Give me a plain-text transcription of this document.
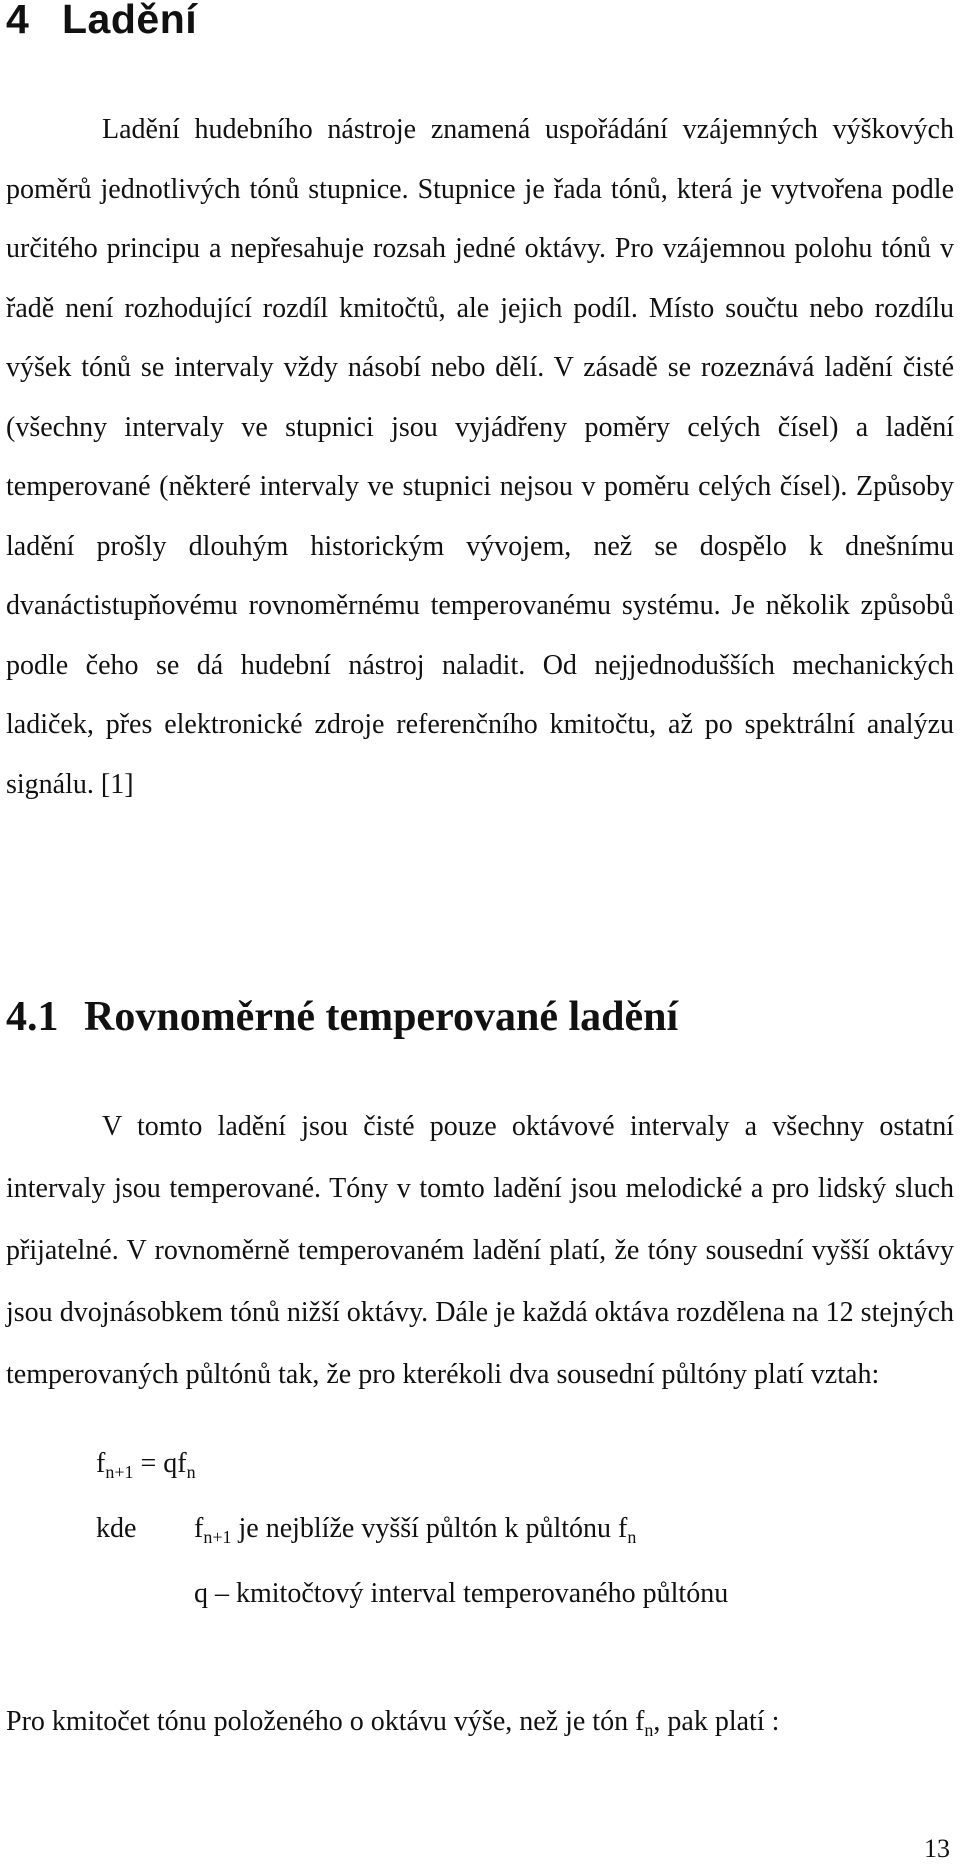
4 Ladění

Ladění hudebního nástroje znamená uspořádání vzájemných výškových poměrů jednotlivých tónů stupnice. Stupnice je řada tónů, která je vytvořena podle určitého principu a nepřesahuje rozsah jedné oktávy. Pro vzájemnou polohu tónů v řadě není rozhodující rozdíl kmitočtů, ale jejich podíl. Místo součtu nebo rozdílu výšek tónů se intervaly vždy násobí nebo dělí. V zásadě se rozeznává ladění čisté (všechny intervaly ve stupnici jsou vyjádřeny poměry celých čísel) a ladění temperované (některé intervaly ve stupnici nejsou v poměru celých čísel). Způsoby ladění prošly dlouhým historickým vývojem, než se dospělo k dnešnímu dvanáctistupňovému rovnoměrnému temperovanému systému. Je několik způsobů podle čeho se dá hudební nástroj naladit. Od nejjednodušších mechanických ladiček, přes elektronické zdroje referenčního kmitočtu, až po spektrální analýzu signálu. [1]

4.1 Rovnoměrné temperované ladění

V tomto ladění jsou čisté pouze oktávové intervaly a všechny ostatní intervaly jsou temperované. Tóny v tomto ladění jsou melodické a pro lidský sluch přijatelné. V rovnoměrně temperovaném ladění platí, že tóny sousední vyšší oktávy jsou dvojnásobkem tónů nižší oktávy. Dále je každá oktáva rozdělena na 12 stejných temperovaných půltónů tak, že pro kterékoli dva sousední půltóny platí vztah:

$f_{n+1} = qf_n$
kde $f_{n+1}$ je nejblíže vyšší půltón k půltónu $f_n$
q – kmitočtový interval temperovaného půltónu

Pro kmitočet tónu položeného o oktávu výše, než je tón $f_n$, pak platí :

13
